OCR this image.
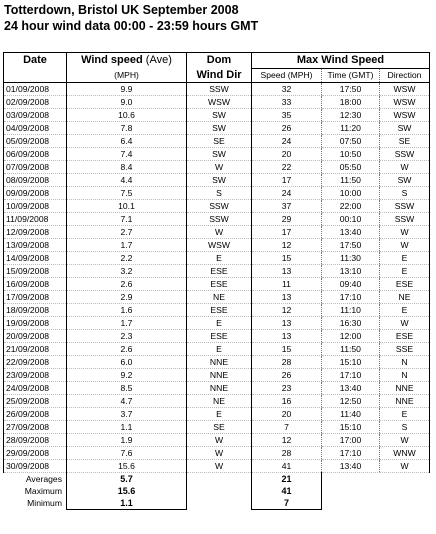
Totterdown, Bristol UK September 2008
24 hour wind data 00:00 - 23:59 hours GMT
Date	Wind speed (Ave)	Dom	Max Wind Speed		
	(MPH)	Wind Dir	Speed (MPH)	Time (GMT)	Direction
01/09/2008	9.9	SSW	32	17:50	WSW
02/09/2008	9.0	WSW	33	18:00	WSW
03/09/2008	10.6	SW	35	12:30	WSW
04/09/2008	7.8	SW	26	11:20	SW
05/09/2008	6.4	SE	24	07:50	SE
06/09/2008	7.4	SW	20	10:50	SSW
07/09/2008	8.4	W	22	05:50	W
08/09/2008	4.4	SW	17	11:50	SW
09/09/2008	7.5	S	24	10:00	S
10/09/2008	10.1	SSW	37	22:00	SSW
11/09/2008	7.1	SSW	29	00:10	SSW
12/09/2008	2.7	W	17	13:40	W
13/09/2008	1.7	WSW	12	17:50	W
14/09/2008	2.2	E	15	11:30	E
15/09/2008	3.2	ESE	13	13:10	E
16/09/2008	2.6	ESE	11	09:40	ESE
17/09/2008	2.9	NE	13	17:10	NE
18/09/2008	1.6	ESE	12	11:10	E
19/09/2008	1.7	E	13	16:30	W
20/09/2008	2.3	ESE	13	12:00	ESE
21/09/2008	2.6	E	15	11:50	SSE
22/09/2008	6.0	NNE	28	15:10	N
23/09/2008	9.2	NNE	26	17:10	N
24/09/2008	8.5	NNE	23	13:40	NNE
25/09/2008	4.7	NE	16	12:50	NNE
26/09/2008	3.7	E	20	11:40	E
27/09/2008	1.1	SE	7	15:10	S
28/09/2008	1.9	W	12	17:00	W
29/09/2008	7.6	W	28	17:10	WNW
30/09/2008	15.6	W	41	13:40	W
Averages	5.7		21		
Maximum	15.6		41		
Minimum	1.1		7		
